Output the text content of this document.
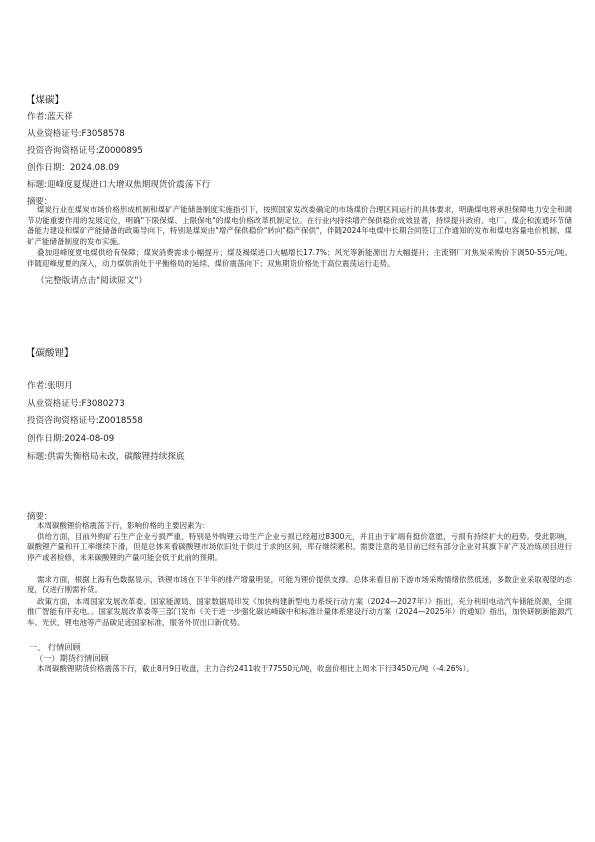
【煤碳】
作者:蓝天祥
从业资格证号:F3058578
投资咨询资格证号:Z0000895
创作日期：2024.08.09
标题:迎峰度夏煤进口大增双焦期现货价震荡下行
摘要：
煤炭行业在煤炭市场价格形成机制和煤矿产能储备制度实施指引下，按照国家发改委确定的市场煤价合理区间运行的具体要求，明确煤电将承担保障电力安全和调节功能重要作用的发展定位，明确"下限保煤、上限保电"的煤电价格改革机制定位。在行业内持续增产保供稳价成效显著，持续提升政府、电厂、煤企和流通环节储备能力建设和煤矿产能储备的政策导向下，特别是煤炭由"增产保供稳价"转向"稳产保供"，伴随2024年电煤中长期合同签订工作通知的发布和煤电容量电价机制、煤矿产能储备制度的发布实施。
叠加迎峰度夏电煤供给有保障；煤炭消费需求小幅提升；煤及褐煤进口大幅增长17.7%；风光等新能源出力大幅提升；主流钢厂对焦炭采购价下调50-55元/吨。伴随迎峰度夏的深入，动力煤供消处于平衡格局的延续、煤价震荡向下；双焦期货价格处于高位震荡运行走势。
（完整版请点击"阅读原文"）
【碳酸锂】
作者:张明月
从业资格证号:F3080273
投资咨询资格证号:Z0018558
创作日期:2024-08-09
标题:供需失衡格局未改，碳酸锂持续探底
摘要：
本周碳酸锂价格震荡下行，影响价格的主要因素为：
供给方面，目前外购矿石生产企业亏损严重，特别是外购锂云母生产企业亏损已经超过8300元，并且由于矿端有挺价意愿，亏损有持续扩大的趋势。受此影响，碳酸锂产量和开工率继续下滑，但是总体来看碳酸锂市场依旧处于供过于求的区间，库存继续累积。需要注意的是目前已经有部分企业对其旗下矿产及冶炼项目进行停产或者检修，未来碳酸锂的产量可能会低于此前的预期。
需求方面，根据上海有色数据显示，铁锂市场在下半年的排产增量明显，可能为锂价提供支撑。总体来看目前下游市场采购情绪依然低迷，多数企业采取观望的态度，仅进行刚需补货。
政策方面，本周国家发展改革委、国家能源局、国家数据局印发《加快构建新型电力系统行动方案（2024—2027年）》指出，充分利用电动汽车储能资源，全面推广智能有序充电。。国家发展改革委等三部门发布《关于进一步强化碳达峰碳中和标准计量体系建设行动方案（2024—2025年）的通知》指出，加快研制新能源汽车、光伏、锂电池等产品碳足迹国家标准，服务外贸出口新优势。
一、 行情回顾
（一）期货行情回顾
本周碳酸锂期货价格震荡下行，截止8月9日收盘，主力合约2411收于77550元/吨，收盘价相比上周末下行3450元/吨（-4.26%）。
